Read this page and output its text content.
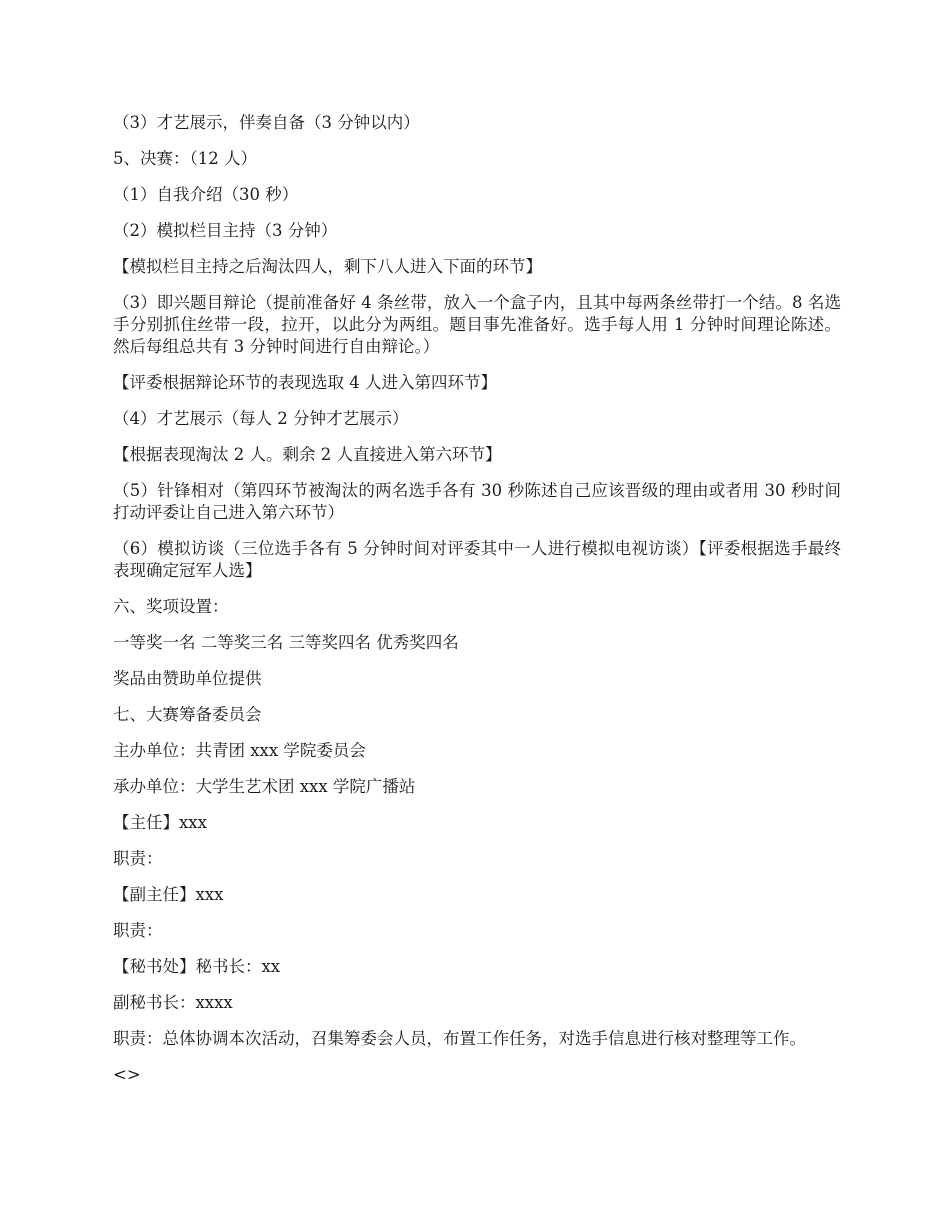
（3）才艺展示，伴奏自备（3 分钟以内）

5、决赛：（12 人）

（1）自我介绍（30 秒）

（2）模拟栏目主持（3 分钟）

【模拟栏目主持之后淘汰四人，剩下八人进入下面的环节】

（3）即兴题目辩论（提前准备好 4 条丝带，放入一个盒子内，且其中每两条丝带打一个结。8 名选手分别抓住丝带一段，拉开，以此分为两组。题目事先准备好。选手每人用 1 分钟时间理论陈述。然后每组总共有 3 分钟时间进行自由辩论。）

【评委根据辩论环节的表现选取 4 人进入第四环节】

（4）才艺展示（每人 2 分钟才艺展示）

【根据表现淘汰 2 人。剩余 2 人直接进入第六环节】

（5）针锋相对（第四环节被淘汰的两名选手各有 30 秒陈述自己应该晋级的理由或者用 30 秒时间打动评委让自己进入第六环节）

（6）模拟访谈（三位选手各有 5 分钟时间对评委其中一人进行模拟电视访谈）【评委根据选手最终表现确定冠军人选】

六、奖项设置：

一等奖一名 二等奖三名 三等奖四名 优秀奖四名

奖品由赞助单位提供

七、大赛筹备委员会

主办单位：共青团 xxx 学院委员会

承办单位：大学生艺术团 xxx 学院广播站

【主任】xxx

职责：

【副主任】xxx

职责：

【秘书处】秘书长：xx

副秘书长：xxxx

职责：总体协调本次活动，召集筹委会人员，布置工作任务，对选手信息进行核对整理等工作。

<>
